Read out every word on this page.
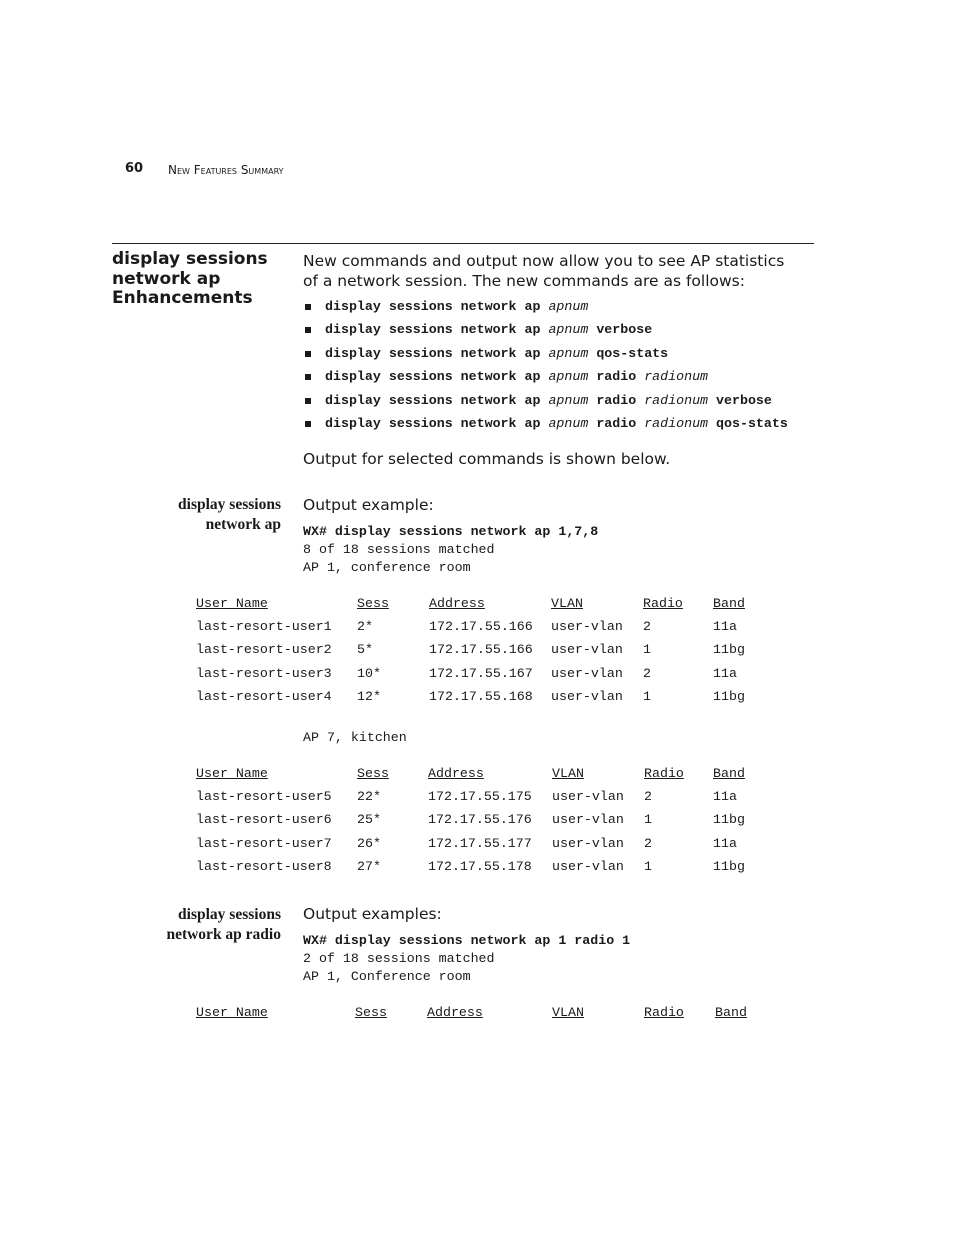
60 New Features Summary
display sessions network ap Enhancements
New commands and output now allow you to see AP statistics of a network session. The new commands are as follows:
display sessions network ap apnum
display sessions network ap apnum verbose
display sessions network ap apnum qos-stats
display sessions network ap apnum radio radionum
display sessions network ap apnum radio radionum verbose
display sessions network ap apnum radio radionum qos-stats
Output for selected commands is shown below.
display sessions
network ap
Output example:
WX# display sessions network ap 1,7,8
8 of 18 sessions matched
AP 1, conference room
User Name	Sess	Address	VLAN	Radio Band
last-resort-user1 2*	172.17.55.166 user-vlan 2	11a
last-resort-user2 5*	172.17.55.166 user-vlan 1	11bg
last-resort-user3 10*	172.17.55.167 user-vlan 2	11a
last-resort-user4 12*	172.17.55.168 user-vlan 1	11bg
AP 7, kitchen
User Name	Sess	Address	VLAN	Radio Band
last-resort-user5 22*	172.17.55.175 user-vlan 2	11a
last-resort-user6 25*	172.17.55.176 user-vlan 1	11bg
last-resort-user7 26*	172.17.55.177 user-vlan 2	11a
last-resort-user8 27*	172.17.55.178 user-vlan 1	11bg
display sessions
network ap radio
Output examples:
WX# display sessions network ap 1 radio 1
2 of 18 sessions matched
AP 1, Conference room
User Name	Sess	Address	VLAN	Radio Band
